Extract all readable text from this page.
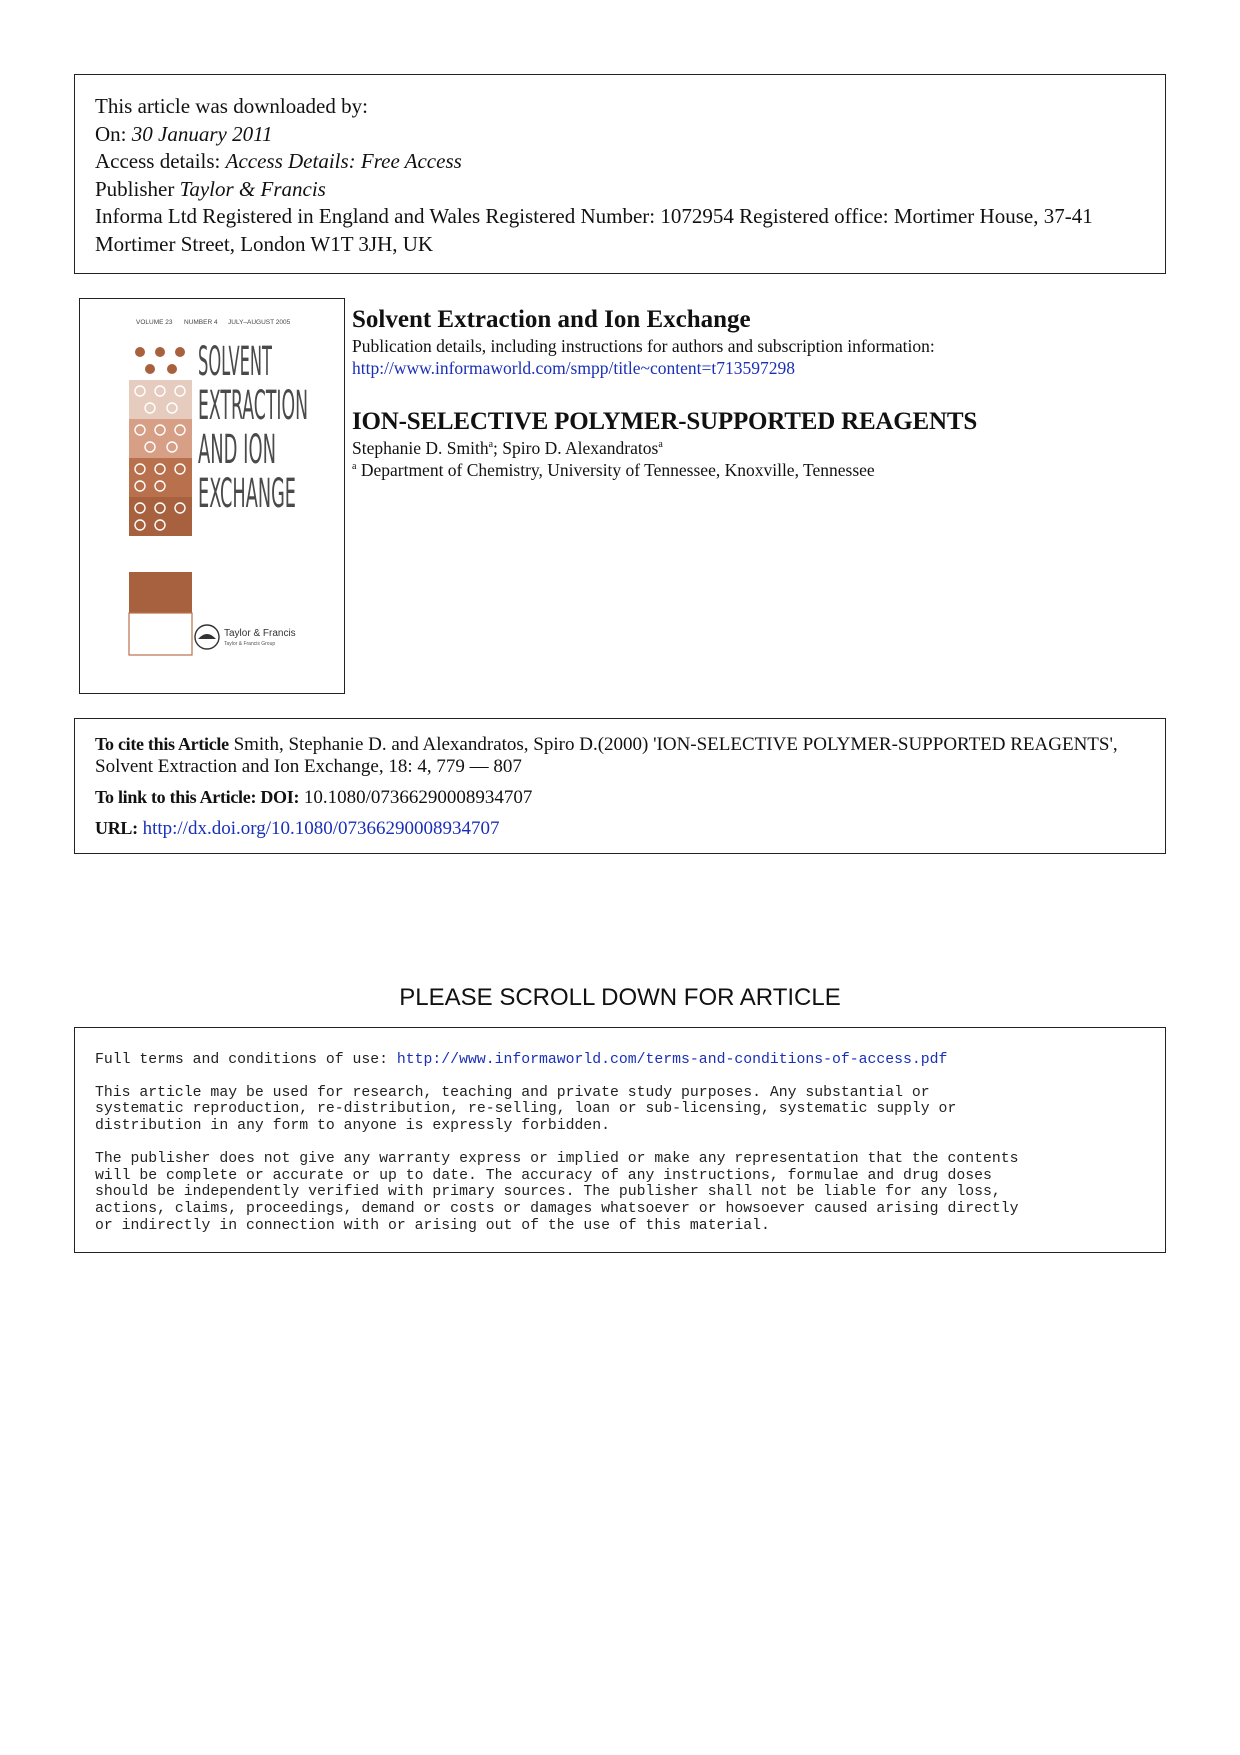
This article was downloaded by:
On: 30 January 2011
Access details: Access Details: Free Access
Publisher Taylor & Francis
Informa Ltd Registered in England and Wales Registered Number: 1072954 Registered office: Mortimer House, 37-41 Mortimer Street, London W1T 3JH, UK
VOLUME 23 NUMBER 4 JULY–AUGUST 2005
SOLVENT
EXTRACTION
AND ION
EXCHANGE
Taylor & Francis
Taylor & Francis Group
Solvent Extraction and Ion Exchange
Publication details, including instructions for authors and subscription information:
http://www.informaworld.com/smpp/title~content=t713597298
ION-SELECTIVE POLYMER-SUPPORTED REAGENTS
Stephanie D. Smith$^a$; Spiro D. Alexandratos$^a$
$^a$ Department of Chemistry, University of Tennessee, Knoxville, Tennessee
To cite this Article Smith, Stephanie D. and Alexandratos, Spiro D.(2000) 'ION-SELECTIVE POLYMER-SUPPORTED REAGENTS', Solvent Extraction and Ion Exchange, 18: 4, 779 — 807
To link to this Article: DOI: 10.1080/07366290008934707
URL: http://dx.doi.org/10.1080/07366290008934707
PLEASE SCROLL DOWN FOR ARTICLE

Full terms and conditions of use: http://www.informaworld.com/terms-and-conditions-of-access.pdf

This article may be used for research, teaching and private study purposes. Any substantial or
systematic reproduction, re-distribution, re-selling, loan or sub-licensing, systematic supply or
distribution in any form to anyone is expressly forbidden.

The publisher does not give any warranty express or implied or make any representation that the contents
will be complete or accurate or up to date. The accuracy of any instructions, formulae and drug doses
should be independently verified with primary sources. The publisher shall not be liable for any loss,
actions, claims, proceedings, demand or costs or damages whatsoever or howsoever caused arising directly
or indirectly in connection with or arising out of the use of this material.
